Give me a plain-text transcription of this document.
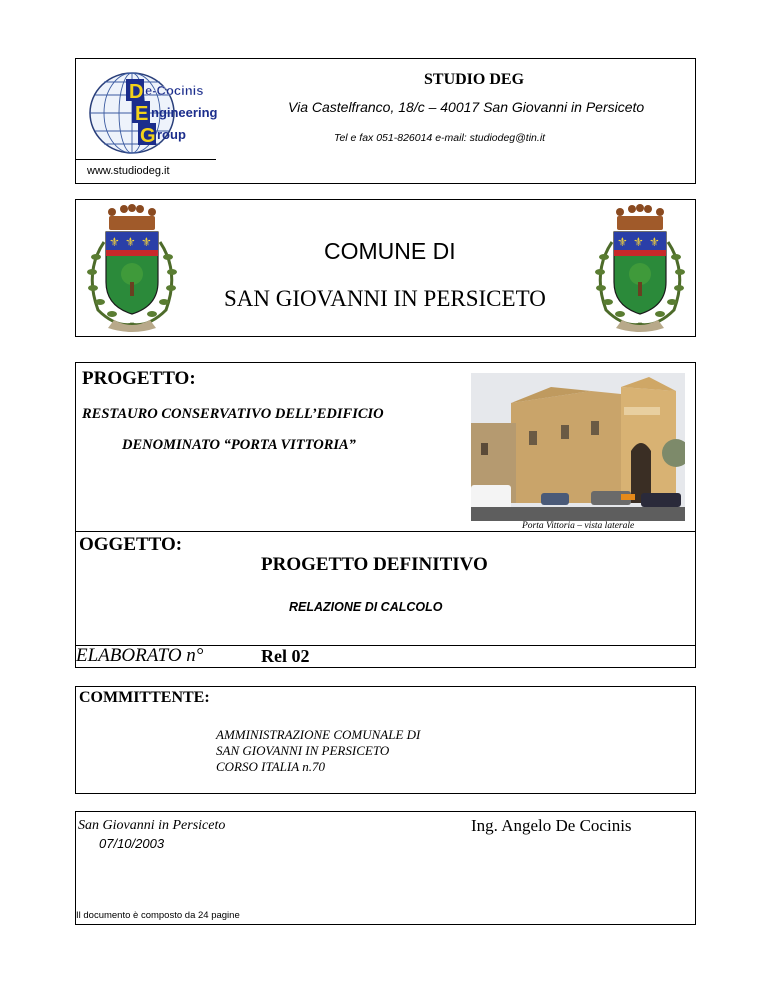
D
E
G
e-Cocinis
ngineering
roup
STUDIO DEG
Via Castelfranco, 18/c – 40017 San Giovanni in Persiceto
Tel e fax 051-826014 e-mail: studiodeg@tin.it
www.studiodeg.it
⚜ ⚜ ⚜	COMUNE DI
SAN GIOVANNI IN PERSICETO
⚜ ⚜ ⚜
PROGETTO:
RESTAURO CONSERVATIVO DELL’EDIFICIO
DENOMINATO “PORTA VITTORIA”
Porta Vittoria – vista laterale
OGGETTO:
PROGETTO DEFINITIVO
RELAZIONE DI CALCOLO
ELABORATO n°	Rel 02
COMMITTENTE:
AMMINISTRAZIONE COMUNALE DI
SAN GIOVANNI IN PERSICETO
CORSO ITALIA n.70
San Giovanni in Persiceto
07/10/2003
Ing. Angelo De Cocinis
Il documento è composto da 24 pagine
